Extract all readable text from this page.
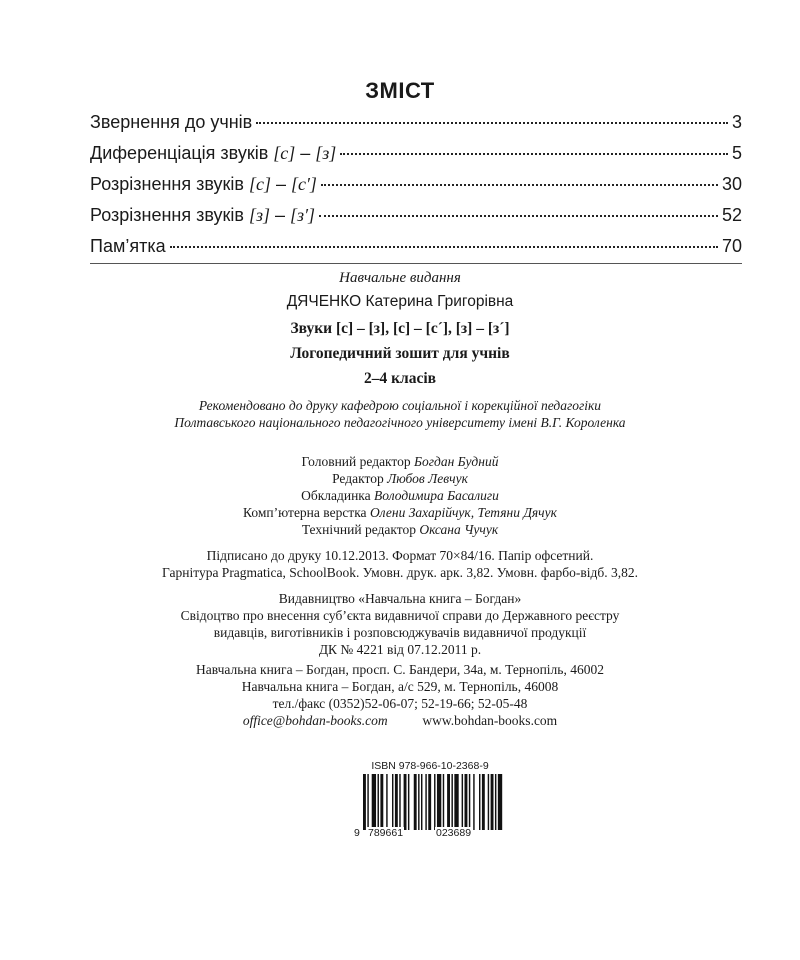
ЗМІСТ
Звернення до учнів	3
Диференціація звуків [с] – [з]	5
Розрізнення звуків [с] – [с′]	30
Розрізнення звуків [з] – [з′]	52
Пам’ятка	70
Навчальне видання
ДЯЧЕНКО Катерина Григорівна
Звуки [с] – [з], [с] – [с´], [з] – [з´]
Логопедичний зошит для учнів
2–4 класів
Рекомендовано до друку кафедрою соціальної і корекційної педагогіки
Полтавського національного педагогічного університету імені В.Г. Короленка
Головний редактор Богдан Будний
Редактор Любов Левчук
Обкладинка Володимира Басалиги
Комп’ютерна верстка Олени Захарійчук, Тетяни Дячук
Технічний редактор Оксана Чучук
Підписано до друку 10.12.2013. Формат 70×84/16. Папір офсетний.
Гарнітура Pragmatica, SchoolBook. Умовн. друк. арк. 3,82. Умовн. фарбо-відб. 3,82.
Видавництво «Навчальна книга – Богдан»
Свідоцтво про внесення суб’єкта видавничої справи до Державного реєстру
видавців, виготівників і розповсюджувачів видавничої продукції
ДК № 4221 від 07.12.2011 р.
Навчальна книга – Богдан, просп. С. Бандери, 34а, м. Тернопіль, 46002
Навчальна книга – Богдан, а/с 529, м. Тернопіль, 46008
тел./факс (0352)52-06-07; 52-19-66; 52-05-48
office@bohdan-books.com	www.bohdan-books.com
ISBN 978-966-10-2368-9
9 789661	023689
